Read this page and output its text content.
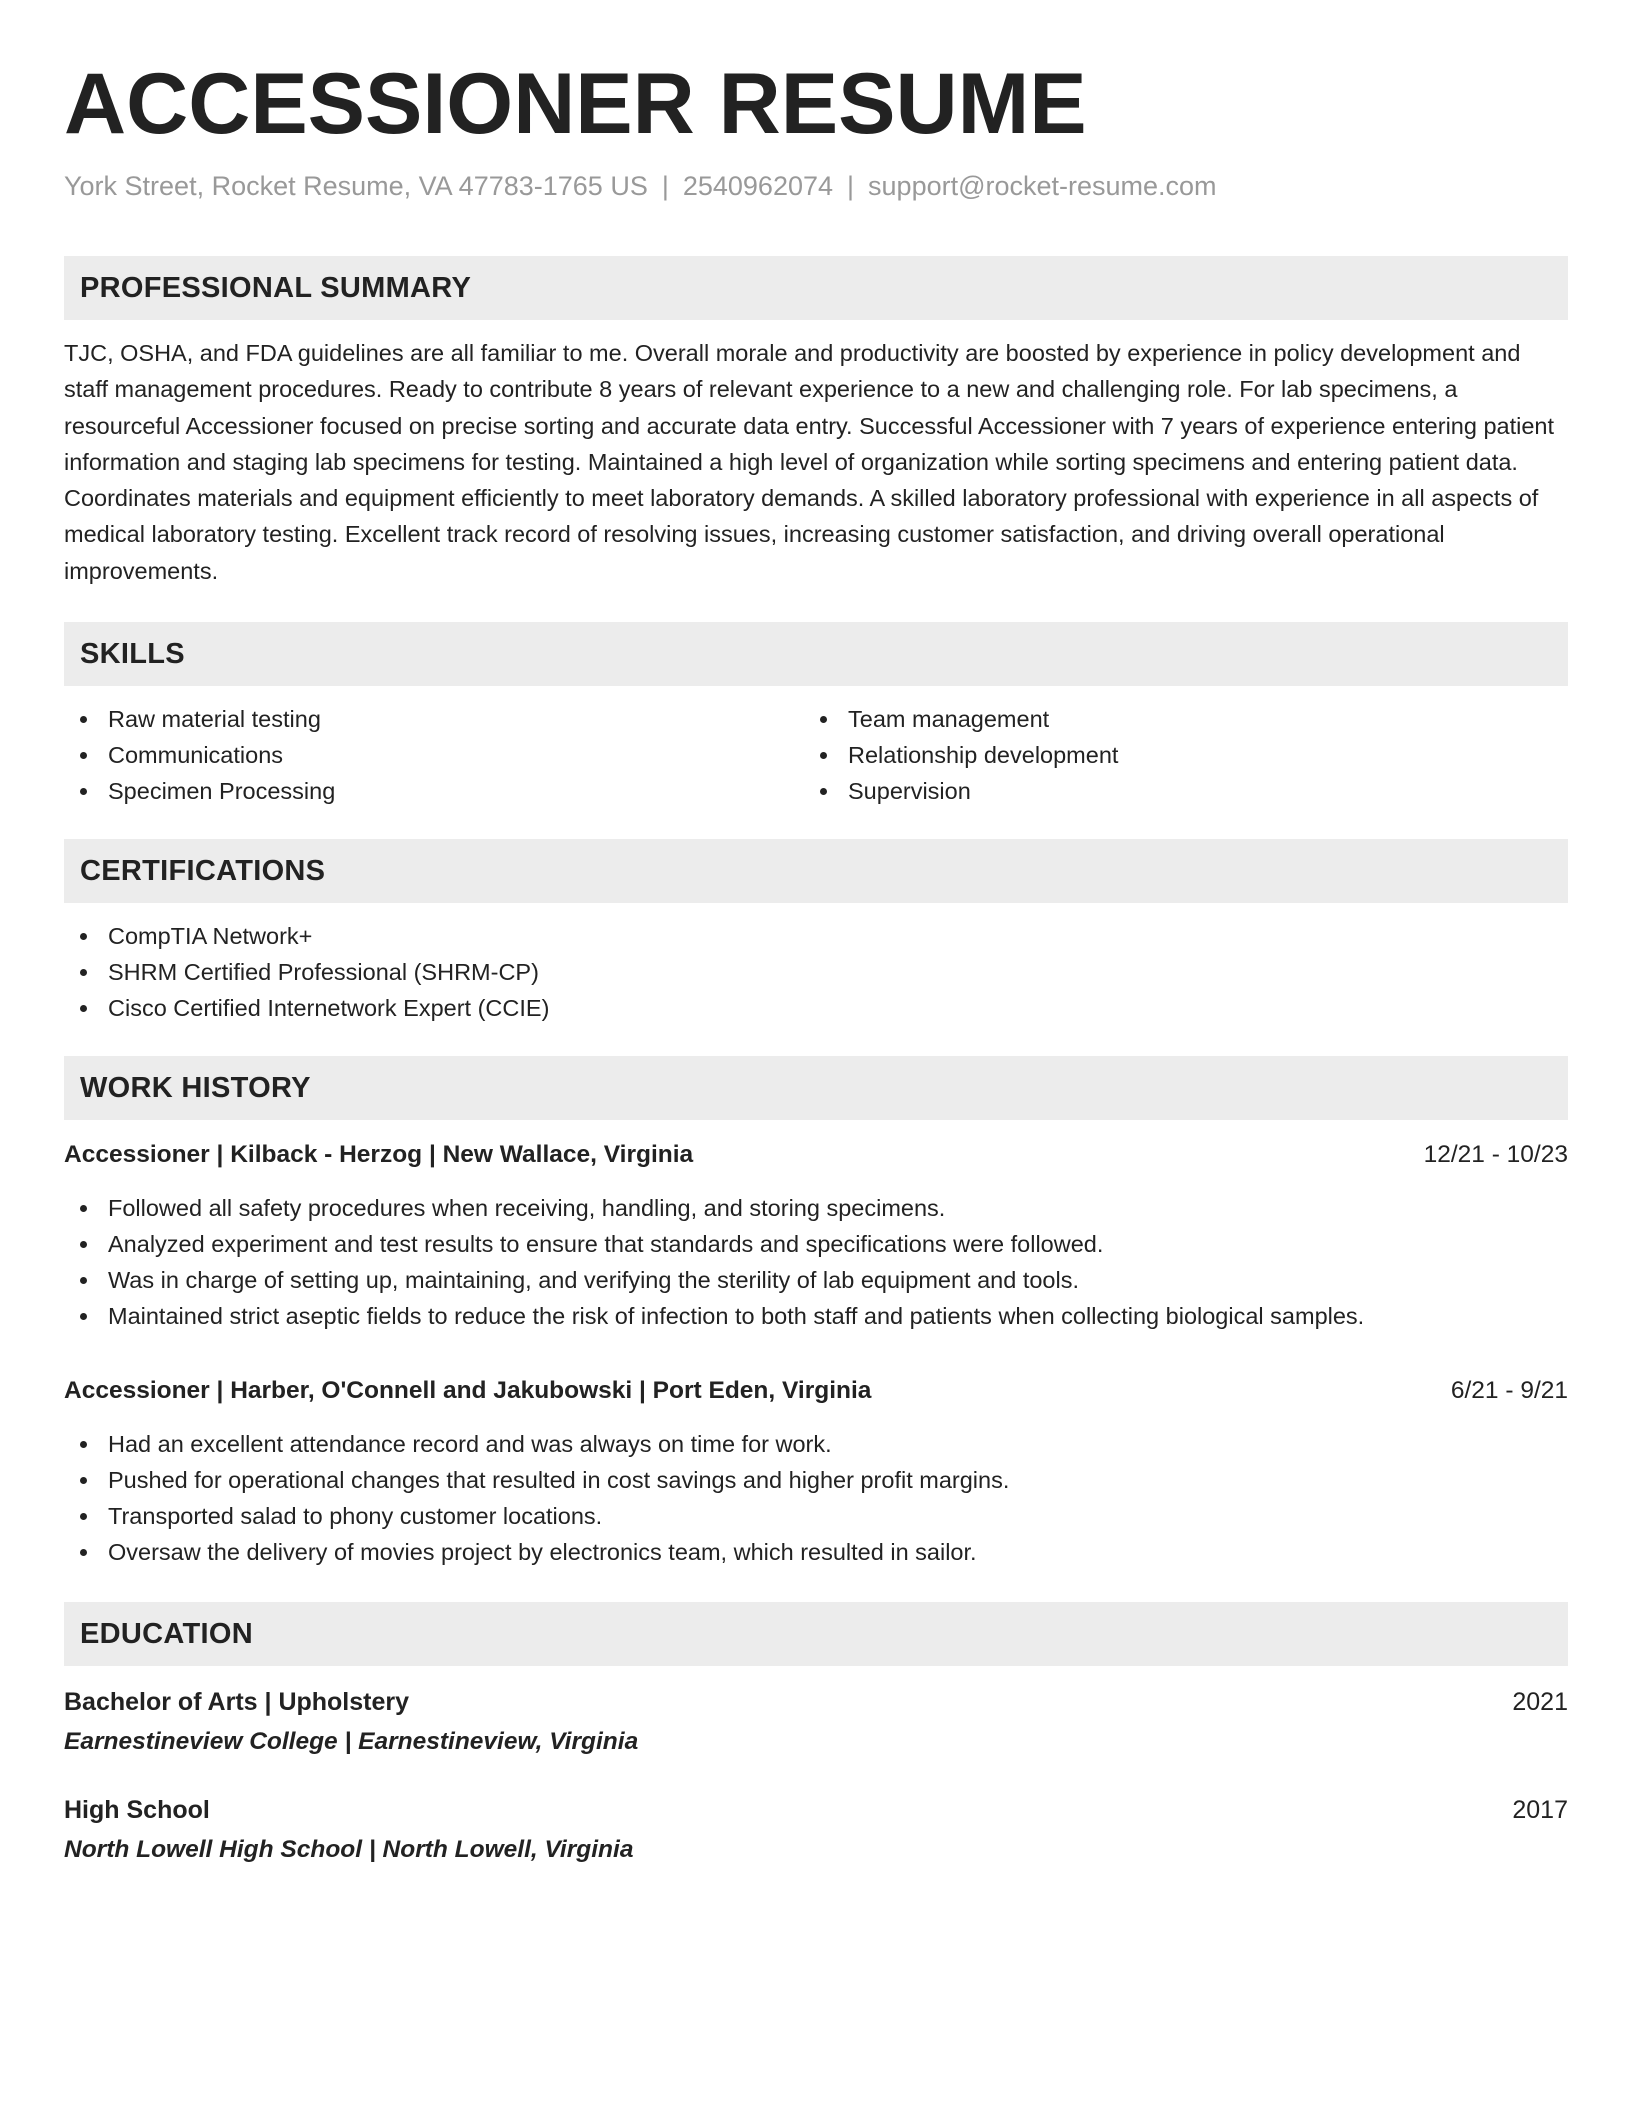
ACCESSIONER RESUME
York Street, Rocket Resume, VA 47783-1765 US | 2540962074 | support@rocket-resume.com
PROFESSIONAL SUMMARY
TJC, OSHA, and FDA guidelines are all familiar to me. Overall morale and productivity are boosted by experience in policy development and staff management procedures. Ready to contribute 8 years of relevant experience to a new and challenging role. For lab specimens, a resourceful Accessioner focused on precise sorting and accurate data entry. Successful Accessioner with 7 years of experience entering patient information and staging lab specimens for testing. Maintained a high level of organization while sorting specimens and entering patient data. Coordinates materials and equipment efficiently to meet laboratory demands. A skilled laboratory professional with experience in all aspects of medical laboratory testing. Excellent track record of resolving issues, increasing customer satisfaction, and driving overall operational improvements.
SKILLS
Raw material testing
Communications
Specimen Processing
Team management
Relationship development
Supervision
CERTIFICATIONS
CompTIA Network+
SHRM Certified Professional (SHRM-CP)
Cisco Certified Internetwork Expert (CCIE)
WORK HISTORY
Accessioner | Kilback - Herzog | New Wallace, Virginia	12/21 - 10/23
Followed all safety procedures when receiving, handling, and storing specimens.
Analyzed experiment and test results to ensure that standards and specifications were followed.
Was in charge of setting up, maintaining, and verifying the sterility of lab equipment and tools.
Maintained strict aseptic fields to reduce the risk of infection to both staff and patients when collecting biological samples.
Accessioner | Harber, O'Connell and Jakubowski | Port Eden, Virginia	6/21 - 9/21
Had an excellent attendance record and was always on time for work.
Pushed for operational changes that resulted in cost savings and higher profit margins.
Transported salad to phony customer locations.
Oversaw the delivery of movies project by electronics team, which resulted in sailor.
EDUCATION
Bachelor of Arts | Upholstery	2021
Earnestineview College | Earnestineview, Virginia
High School	2017
North Lowell High School | North Lowell, Virginia
